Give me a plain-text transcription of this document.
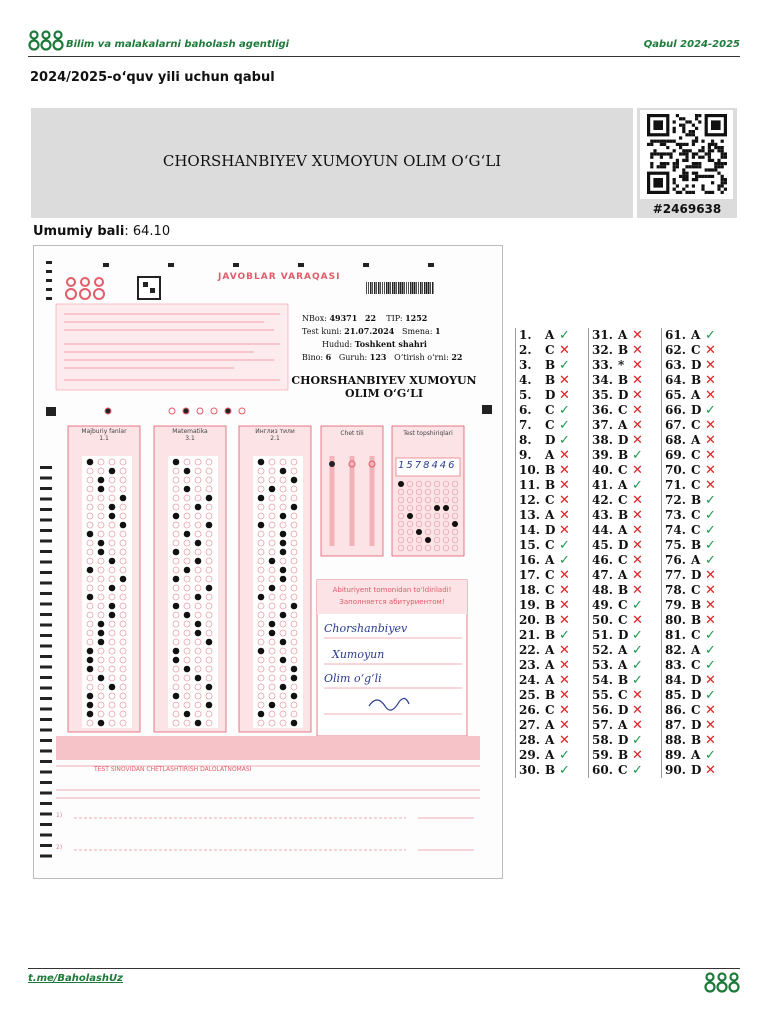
Bilim va malakalarni baholash agentligi	Qabul 2024-2025
2024/2025-o‘quv yili uchun qabul
CHORSHANBIYEV XUMOYUN OLIM O‘G‘LI
#2469638
Umumiy bali: 64.10
1)
2)
JAVOBLAR VARAQASI
NBox: 49371 22 TIP: 1252
Test kuni: 21.07.2024 Smena: 1
Hudud: Toshkent shahri
Bino: 6 Guruh: 123 O‘tirish o‘rni: 22
CHORSHANBIYEV XUMOYUN
OLIM O‘G‘LI
Majburiy fanlar
1.1
Matematika
3.1
Инглиз тили
2.1
Chet tili	Test topshiriqlari
1578446
Abituriyent tomonidan to‘ldiriladi!
Заполняется абитуриентом!
Chorshanbiyev
Xumoyun
Olim o‘g‘li
TEST SINOVIDAN CHETLASHTIRISH DALOLATNOMASI
1. A ✓
2. C ✕
3. B ✓
4. B ✕
5. D ✕
6. C ✓
7. C ✓
8. D ✓
9. A ✕
10. B ✕
11. B ✕
12. C ✕
13. A ✕
14. D ✕
15. C ✓
16. A ✓
17. C ✕
18. C ✕
19. B ✕
20. B ✕
21. B ✓
22. A ✕
23. A ✕
24. A ✕
25. B ✕
26. C ✕
27. A ✕
28. A ✕
29. A ✓
30. B ✓
31. A ✕
32. B ✕
33. * ✕
34. B ✕
35. D ✕
36. C ✕
37. A ✕
38. D ✕
39. B ✓
40. C ✕
41. A ✓
42. C ✕
43. B ✕
44. A ✕
45. D ✕
46. C ✕
47. A ✕
48. B ✕
49. C ✓
50. C ✕
51. D ✓
52. A ✓
53. A ✓
54. B ✓
55. C ✕
56. D ✕
57. A ✕
58. D ✓
59. B ✕
60. C ✓
61. A ✓
62. C ✕
63. D ✕
64. B ✕
65. A ✕
66. D ✓
67. C ✕
68. A ✕
69. C ✕
70. C ✕
71. C ✕
72. B ✓
73. C ✓
74. C ✓
75. B ✓
76. A ✓
77. D ✕
78. C ✕
79. B ✕
80. B ✕
81. C ✓
82. A ✓
83. C ✓
84. D ✕
85. D ✓
86. C ✕
87. D ✕
88. B ✕
89. A ✓
90. D ✕
t.me/BaholashUz
